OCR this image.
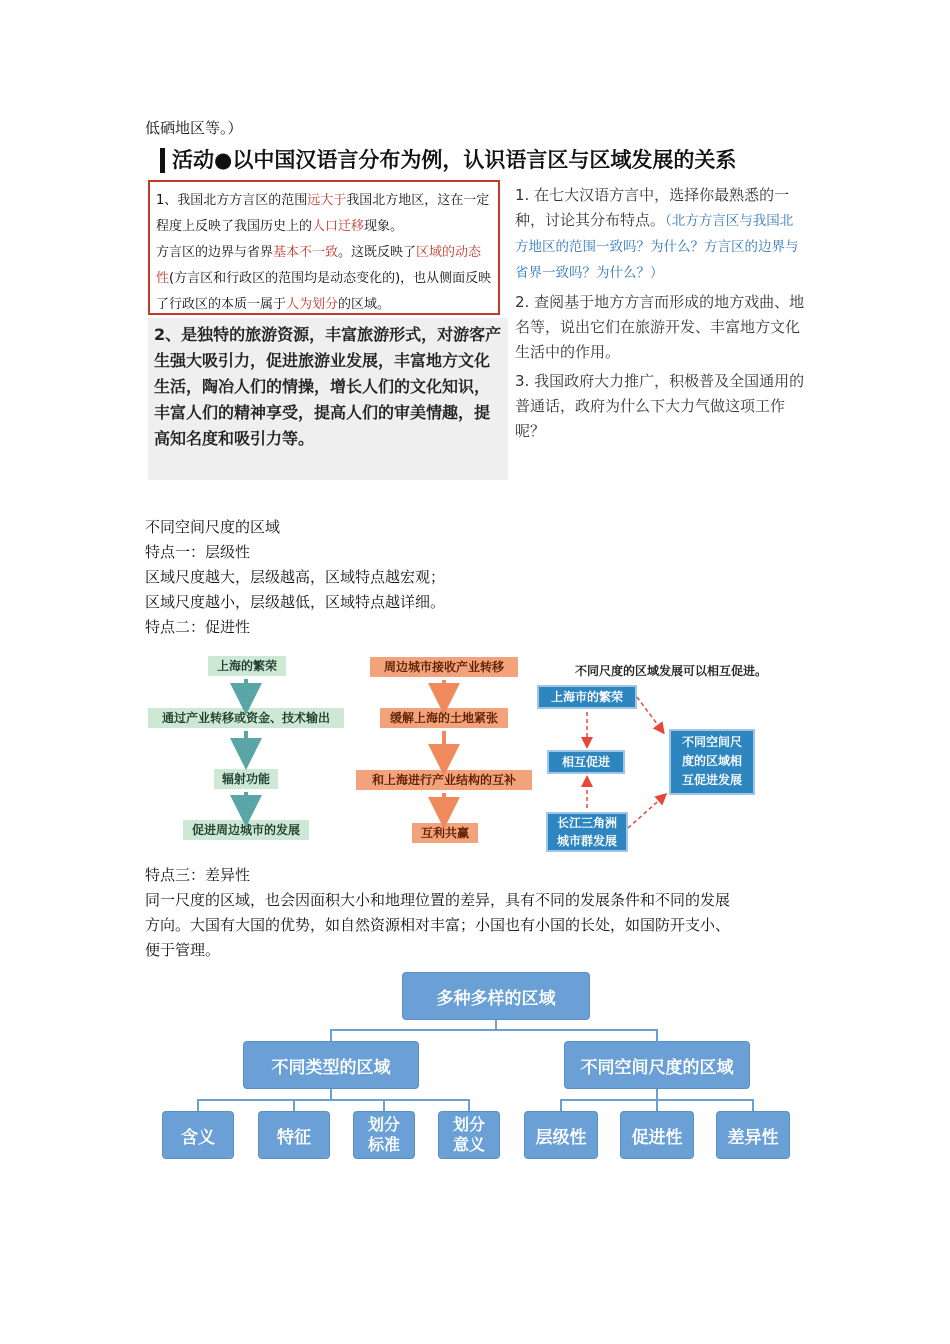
低硒地区等。）
活动●以中国汉语言分布为例，认识语言区与区域发展的关系
1、我国北方方言区的范围远大于我国北方地区，这在一定程度上反映了我国历史上的人口迁移现象。
方言区的边界与省界基本不一致。这既反映了区域的动态性(方言区和行政区的范围均是动态变化的)，也从侧面反映了行政区的本质一属于人为划分的区域。
2、是独特的旅游资源，丰富旅游形式，对游客产生强大吸引力，促进旅游业发展，丰富地方文化生活，陶冶人们的情操，增长人们的文化知识，丰富人们的精神享受，提高人们的审美情趣，提高知名度和吸引力等。

1. 在七大汉语方言中，选择你最熟悉的一种，讨论其分布特点。（北方方言区与我国北方地区的范围一致吗？为什么？方言区的边界与省界一致吗？为什么？）

2. 查阅基于地方方言而形成的地方戏曲、地名等，说出它们在旅游开发、丰富地方文化生活中的作用。

3. 我国政府大力推广，积极普及全国通用的普通话，政府为什么下大力气做这项工作呢？

不同空间尺度的区域
特点一：层级性
区域尺度越大，层级越高，区域特点越宏观；
区域尺度越小，层级越低，区域特点越详细。
特点二：促进性
上海的繁荣
通过产业转移或资金、技术输出
辐射功能
促进周边城市的发展
周边城市接收产业转移
缓解上海的土地紧张
和上海进行产业结构的互补
互利共赢
不同尺度的区域发展可以相互促进。
上海市的繁荣
相互促进
长江三角洲
城市群发展
不同空间尺
度的区域相
互促进发展
特点三：差异性
同一尺度的区域，也会因面积大小和地理位置的差异，具有不同的发展条件和不同的发展
方向。大国有大国的优势，如自然资源相对丰富；小国也有小国的长处，如国防开支小、
便于管理。
多种多样的区域
不同类型的区域	不同空间尺度的区域
含义	特征
划分
标准
划分
意义	层级性	促进性	差异性
